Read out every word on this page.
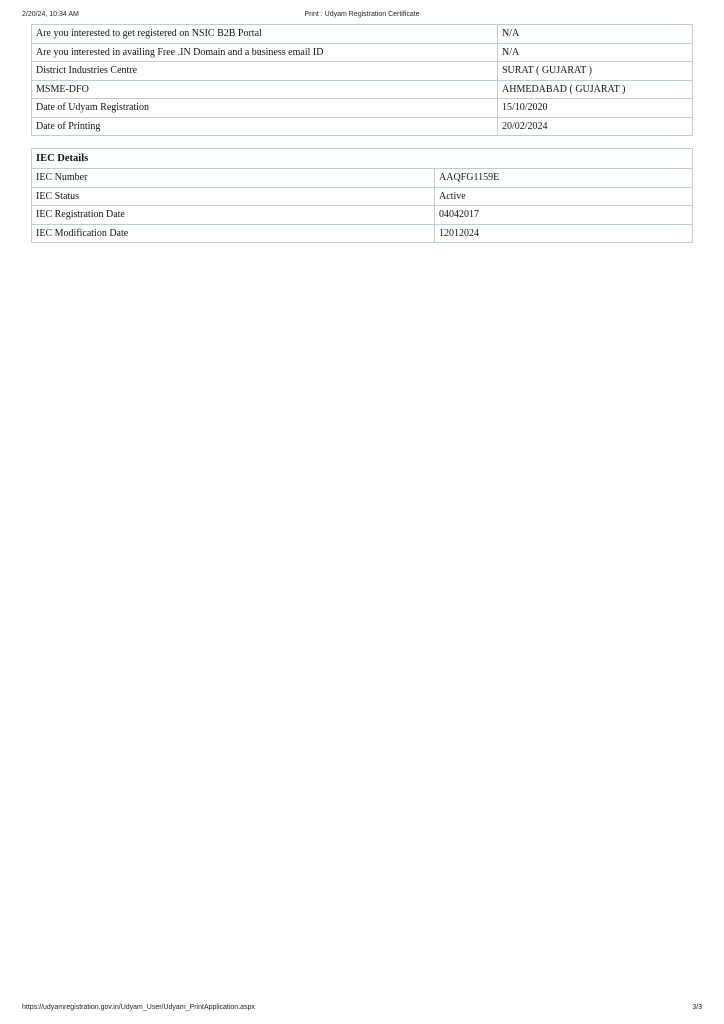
2/20/24, 10:34 AM	Print : Udyam Registration Certificate
Are you interested to get registered on NSIC B2B Portal	N/A
Are you interested in availing Free .IN Domain and a business email ID	N/A
District Industries Centre	SURAT ( GUJARAT )
MSME-DFO	AHMEDABAD ( GUJARAT )
Date of Udyam Registration	15/10/2020
Date of Printing	20/02/2024
IEC Details	
IEC Number	AAQFG1159E
IEC Status	Active
IEC Registration Date	04042017
IEC Modification Date	12012024
https://udyamregistration.gov.in/Udyam_User/Udyam_PrintApplication.aspx	3/3
